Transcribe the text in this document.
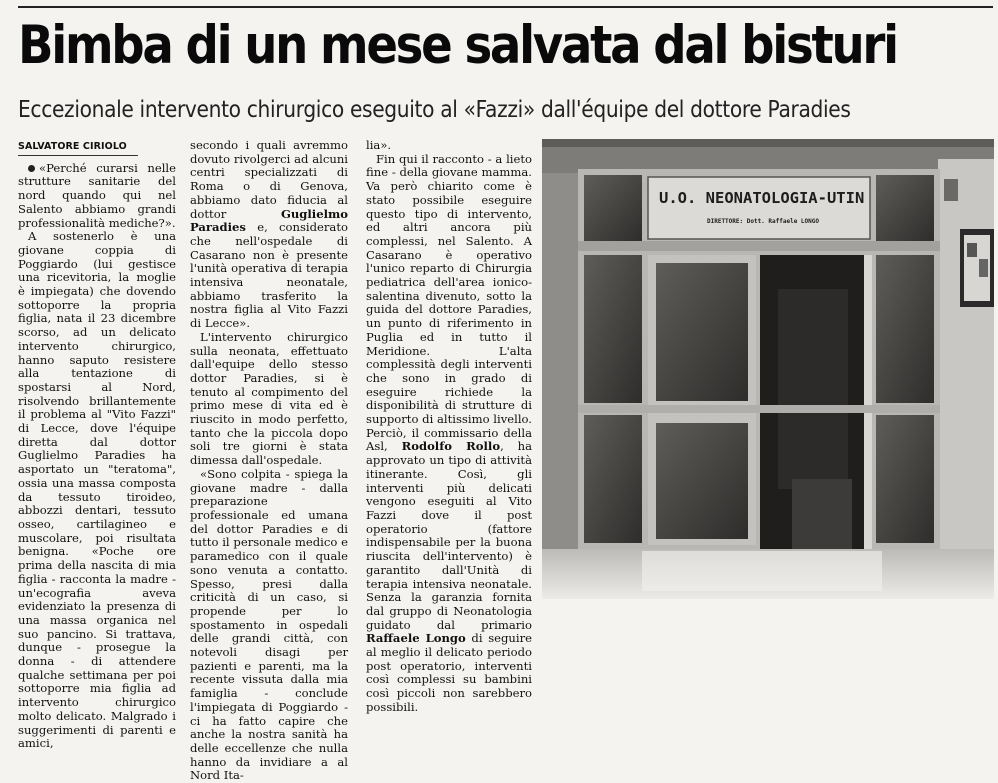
Bimba di un mese salvata dal bisturi
Eccezionale intervento chirurgico eseguito al «Fazzi» dall'équipe del dottore Paradies
SALVATORE CIRIOLO

«Perché curarsi nelle strutture sanitarie del nord quando qui nel Salento abbiamo grandi professionalità mediche?».

A sostenerlo è una giovane coppia di Poggiardo (lui gestisce una ricevitoria, la moglie è impiegata) che dovendo sottoporre la propria figlia, nata il 23 dicembre scorso, ad un delicato intervento chirurgico, hanno saputo resistere alla tentazione di spostarsi al Nord, risolvendo brillantemente il problema al "Vito Fazzi" di Lecce, dove l'équipe diretta dal dottor Guglielmo Paradies ha asportato un "teratoma", ossia una massa composta da tessuto tiroideo, abbozzi dentari, tessuto osseo, cartilagineo e muscolare, poi risultata benigna. «Poche ore prima della nascita di mia figlia - racconta la madre - un'ecografia aveva evidenziato la presenza di una massa organica nel suo pancino. Si trattava, dunque - prosegue la donna - di attendere qualche settimana per poi sottoporre mia figlia ad intervento chirurgico molto delicato. Malgrado i suggerimenti di parenti e amici,

secondo i quali avremmo dovuto rivolgerci ad alcuni centri specializzati di Roma o di Genova, abbiamo dato fiducia al dottor Guglielmo Paradies e, considerato che nell'ospedale di Casarano non è presente l'unità operativa di terapia intensiva neonatale, abbiamo trasferito la nostra figlia al Vito Fazzi di Lecce».

L'intervento chirurgico sulla neonata, effettuato dall'equipe dello stesso dottor Paradies, si è tenuto al compimento del primo mese di vita ed è riuscito in modo perfetto, tanto che la piccola dopo soli tre giorni è stata dimessa dall'ospedale.

«Sono colpita - spiega la giovane madre - dalla preparazione professionale ed umana del dottor Paradies e di tutto il personale medico e paramedico con il quale sono venuta a contatto. Spesso, presi dalla criticità di un caso, si propende per lo spostamento in ospedali delle grandi città, con notevoli disagi per pazienti e parenti, ma la recente vissuta dalla mia famiglia - conclude l'impiegata di Poggiardo - ci ha fatto capire che anche la nostra sanità ha delle eccellenze che nulla hanno da invidiare a al Nord Ita-

lia».

Fin qui il racconto - a lieto fine - della giovane mamma. Va però chiarito come è stato possibile eseguire questo tipo di intervento, ed altri ancora più complessi, nel Salento. A Casarano è operativo l'unico reparto di Chirurgia pediatrica dell'area ionico-salentina divenuto, sotto la guida del dottore Paradies, un punto di riferimento in Puglia ed in tutto il Meridione. L'alta complessità degli interventi che sono in grado di eseguire richiede la disponibilità di strutture di supporto di altissimo livello. Perciò, il commissario della Asl, Rodolfo Rollo, ha approvato un tipo di attività itinerante. Così, gli interventi più delicati vengono eseguiti al Vito Fazzi dove il post operatorio (fattore indispensabile per la buona riuscita dell'intervento) è garantito dall'Unità di terapia intensiva neonatale. Senza la garanzia fornita dal gruppo di Neonatologia guidato dal primario Raffaele Longo di seguire al meglio il delicato periodo post operatorio, interventi così complessi su bambini così piccoli non sarebbero possibili.

U.O. NEONATOLOGIA-UTIN
DIRETTORE: Dott. Raffaele LONGO
